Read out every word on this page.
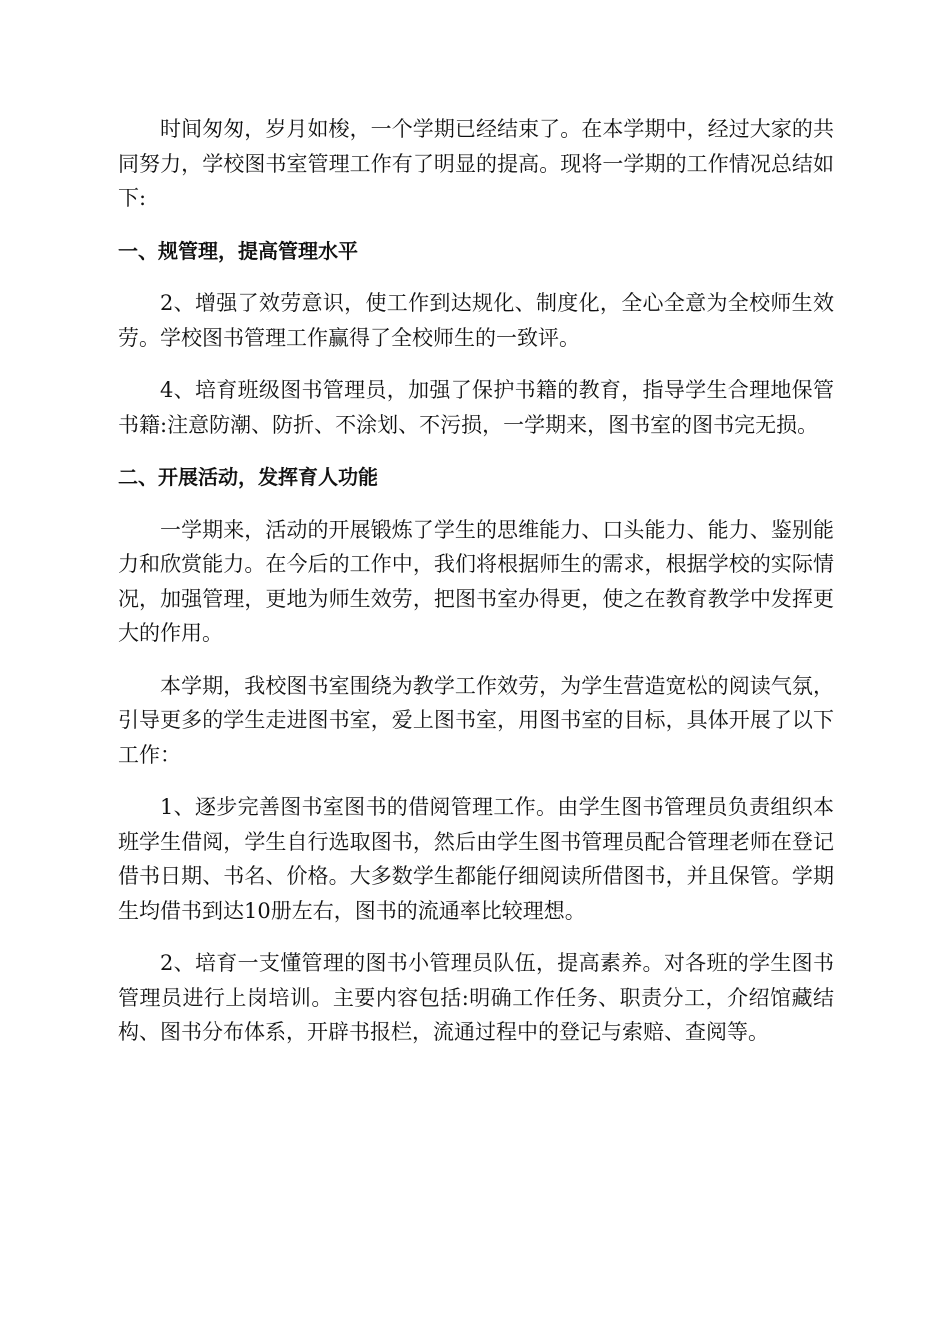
时间匆匆，岁月如梭，一个学期已经结束了。在本学期中，经过大家的共同努力，学校图书室管理工作有了明显的提高。现将一学期的工作情况总结如下:

一、规管理，提高管理水平

2、增强了效劳意识，使工作到达规化、制度化，全心全意为全校师生效劳。学校图书管理工作赢得了全校师生的一致评。

4、培育班级图书管理员，加强了保护书籍的教育，指导学生合理地保管书籍:注意防潮、防折、不涂划、不污损，一学期来，图书室的图书完无损。

二、开展活动，发挥育人功能

一学期来，活动的开展锻炼了学生的思维能力、口头能力、能力、鉴别能力和欣赏能力。在今后的工作中，我们将根据师生的需求，根据学校的实际情况，加强管理，更地为师生效劳，把图书室办得更，使之在教育教学中发挥更大的作用。

本学期，我校图书室围绕为教学工作效劳，为学生营造宽松的阅读气氛，引导更多的学生走进图书室，爱上图书室，用图书室的目标，具体开展了以下工作：

1、逐步完善图书室图书的借阅管理工作。由学生图书管理员负责组织本班学生借阅，学生自行选取图书，然后由学生图书管理员配合管理老师在登记借书日期、书名、价格。大多数学生都能仔细阅读所借图书，并且保管。学期生均借书到达10册左右，图书的流通率比较理想。

2、培育一支懂管理的图书小管理员队伍，提高素养。对各班的学生图书管理员进行上岗培训。主要内容包括:明确工作任务、职责分工，介绍馆藏结构、图书分布体系，开辟书报栏，流通过程中的登记与索赔、查阅等。
